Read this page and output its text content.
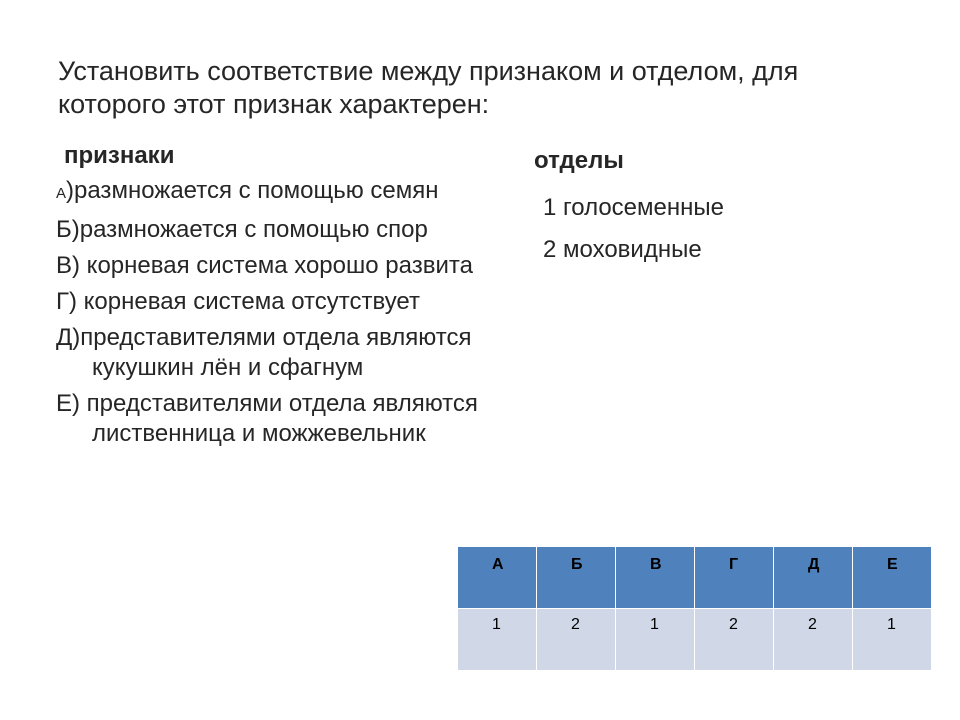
Установить соответствие между признаком и отделом, для которого этот признак характерен:
признаки	отделы
А)размножается с помощью семян
Б)размножается с помощью спор
В) корневая система хорошо развита
Г) корневая система отсутствует
Д)представителями отдела являются кукушкин лён и сфагнум
Е) представителями отдела являются лиственница и можжевельник
1 голосеменные
2 моховидные
А	Б	В	Г	Д	Е
1	2	1	2	2	1
